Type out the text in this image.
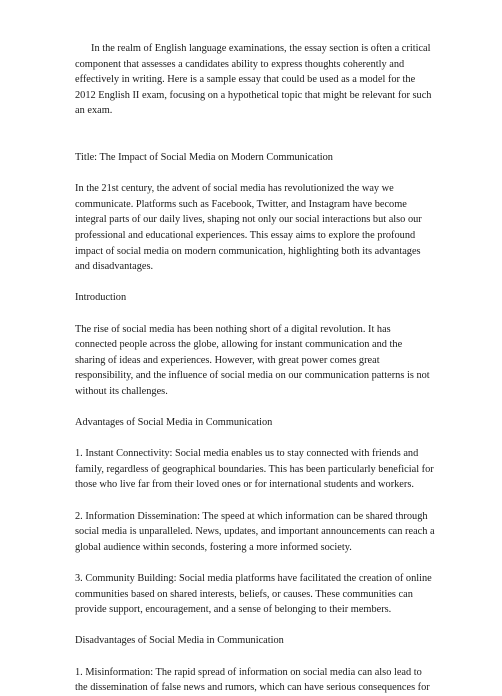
In the realm of English language examinations, the essay section is often a critical component that assesses a candidates ability to express thoughts coherently and effectively in writing. Here is a sample essay that could be used as a model for the 2012 English II exam, focusing on a hypothetical topic that might be relevant for such an exam.

Title: The Impact of Social Media on Modern Communication

In the 21st century, the advent of social media has revolutionized the way we communicate. Platforms such as Facebook, Twitter, and Instagram have become integral parts of our daily lives, shaping not only our social interactions but also our professional and educational experiences. This essay aims to explore the profound impact of social media on modern communication, highlighting both its advantages and disadvantages.

Introduction

The rise of social media has been nothing short of a digital revolution. It has connected people across the globe, allowing for instant communication and the sharing of ideas and experiences. However, with great power comes great responsibility, and the influence of social media on our communication patterns is not without its challenges.

Advantages of Social Media in Communication

1. Instant Connectivity: Social media enables us to stay connected with friends and family, regardless of geographical boundaries. This has been particularly beneficial for those who live far from their loved ones or for international students and workers.

2. Information Dissemination: The speed at which information can be shared through social media is unparalleled. News, updates, and important announcements can reach a global audience within seconds, fostering a more informed society.

3. Community Building: Social media platforms have facilitated the creation of online communities based on shared interests, beliefs, or causes. These communities can provide support, encouragement, and a sense of belonging to their members.

Disadvantages of Social Media in Communication

1. Misinformation: The rapid spread of information on social media can also lead to the dissemination of false news and rumors, which can have serious consequences for
